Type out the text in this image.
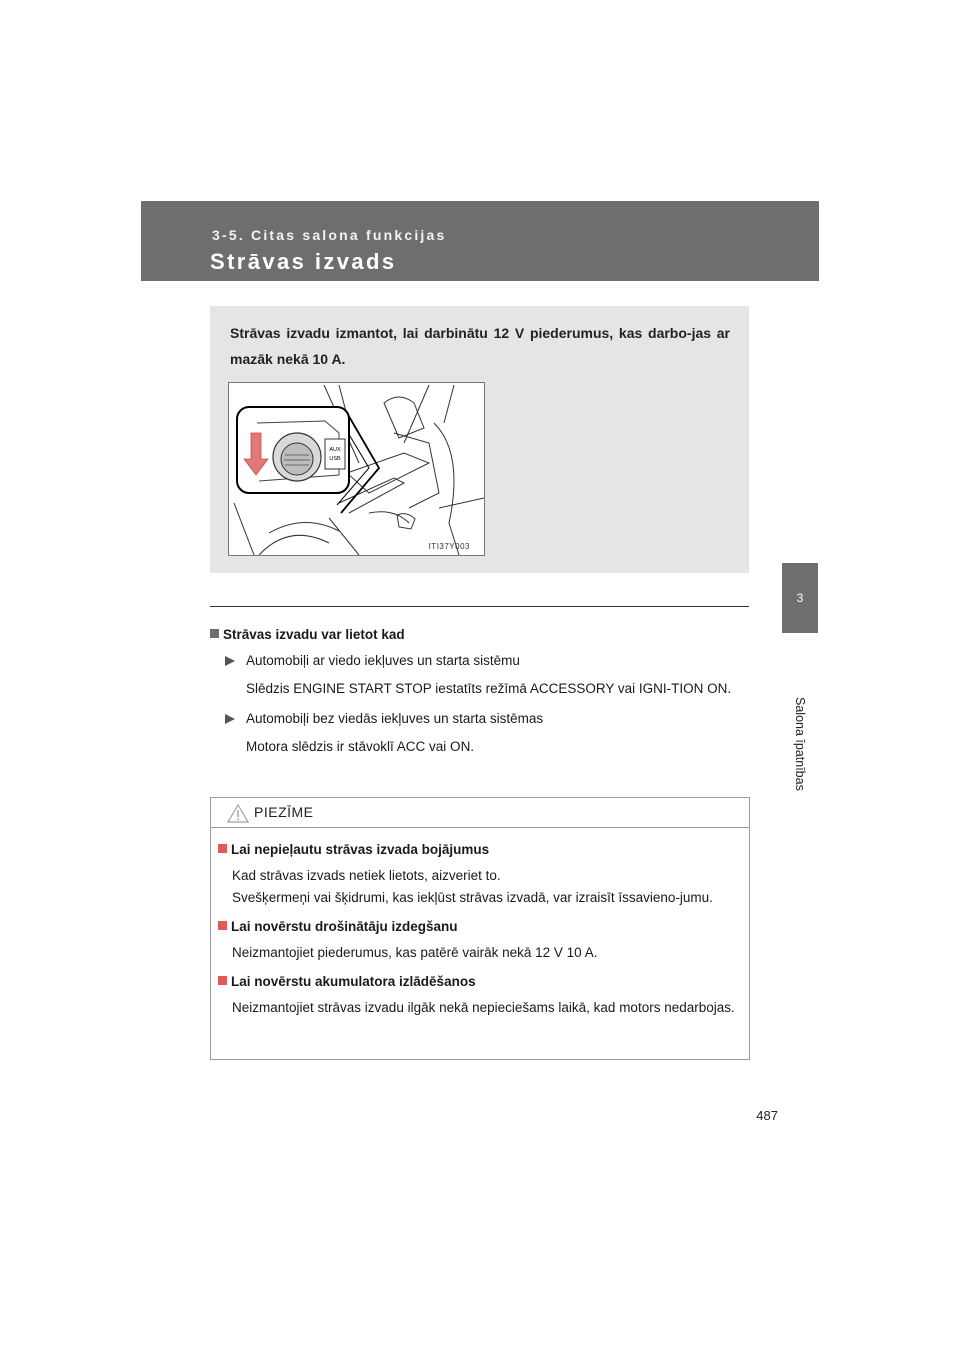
3-5. Citas salona funkcijas
Strāvas izvads
3
Salona īpatnības
Strāvas izvadu izmantot, lai darbinātu 12 V piederumus, kas darbo-jas ar mazāk nekā 10 A.
AUX
USB
ITI37Y003

Strāvas izvadu var lietot kad

Automobiļi ar viedo iekļuves un starta sistēmu
Slēdzis ENGINE START STOP iestatīts režīmā ACCESSORY vai IGNI-TION ON.
Automobiļi bez viedās iekļuves un starta sistēmas
Motora slēdzis ir stāvoklī ACC vai ON.
PIEZĪME

Lai nepieļautu strāvas izvada bojājumus

Kad strāvas izvads netiek lietots, aizveriet to.

Svešķermeņi vai šķidrumi, kas iekļūst strāvas izvadā, var izraisīt īssavieno-jumu.

Lai novērstu drošinātāju izdegšanu

Neizmantojiet piederumus, kas patērē vairāk nekā 12 V 10 A.

Lai novērstu akumulatora izlādēšanos

Neizmantojiet strāvas izvadu ilgāk nekā nepieciešams laikā, kad motors nedarbojas.

487
